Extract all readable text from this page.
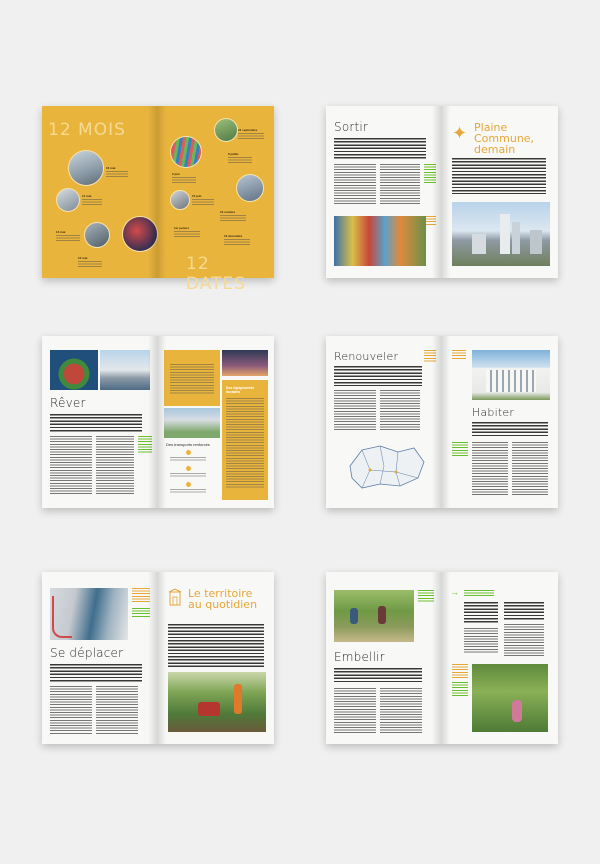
12 MOIS
16 mai
14 mai
13 mai
12 mai
24 septembre
6 juillet
2 juin
15 juin
19 octobre
1er janvier
16 décembre
12 DATES
Sortir	✦ Plaine Commune, demain
Rêver
Des équipements durables
Des transports renforcés
Renouveler
Habiter
Se déplacer
Le territoire au quotidien
Embellir
→
